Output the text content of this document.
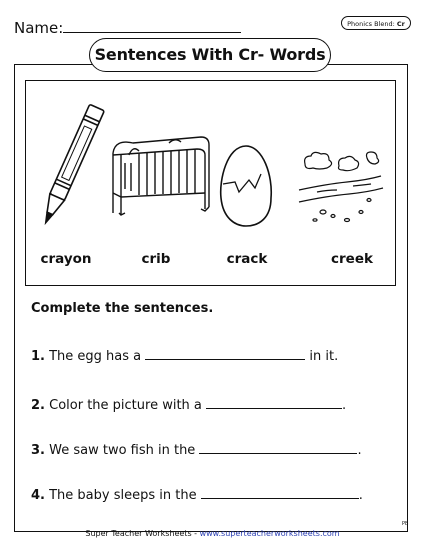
Name:	Phonics Blend: Cr
Sentences With Cr- Words
crayon	crib	crack	creek
Complete the sentences.
1. The egg has a	in it.
2. Color the picture with a	.
3. We saw two fish in the	.
4. The baby sleeps in the	.
Super Teacher Worksheets - www.superteacherworksheets.com
PB
